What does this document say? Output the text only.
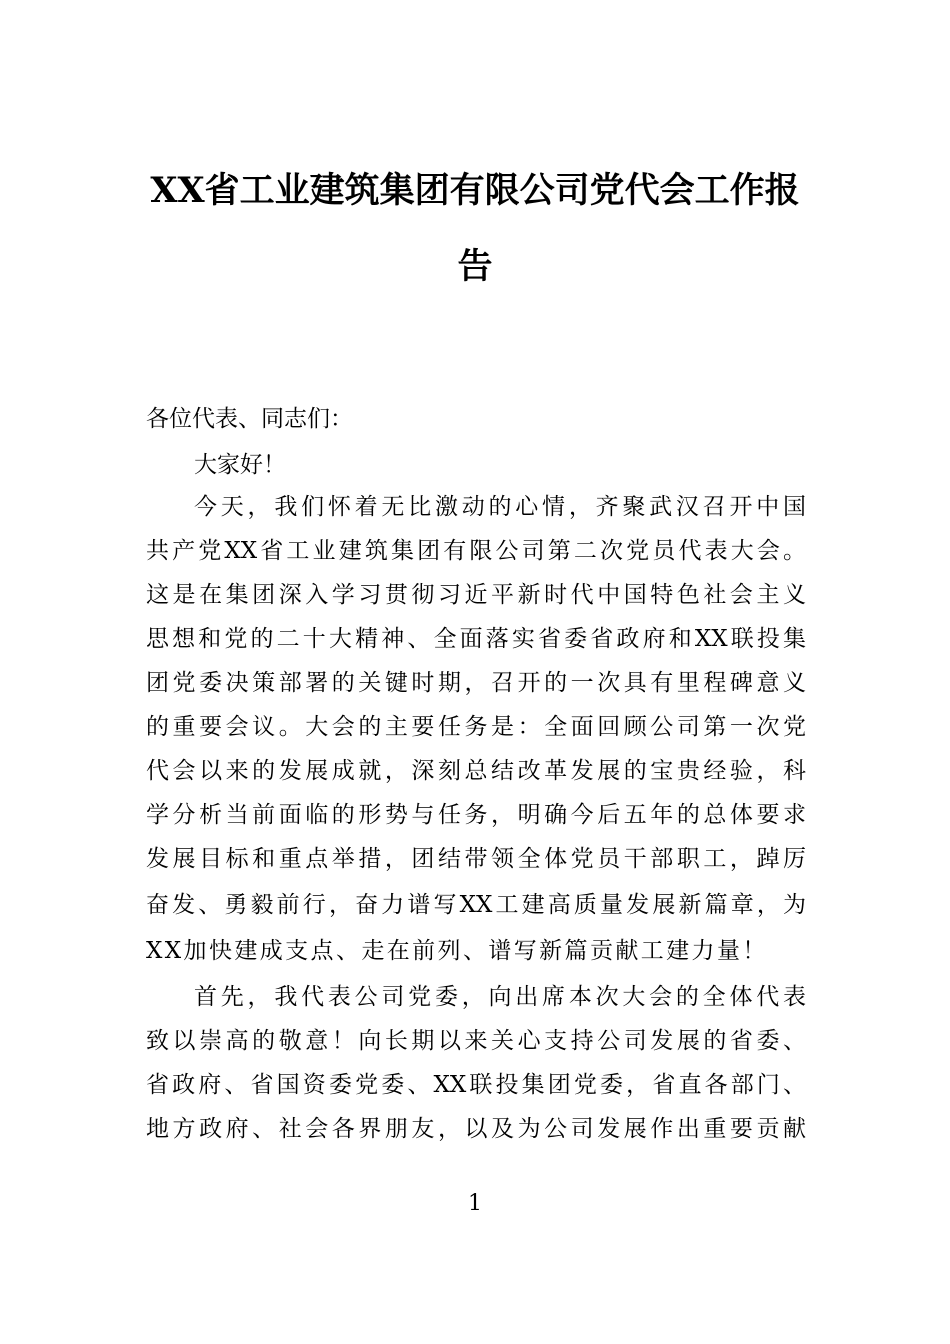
XX省工业建筑集团有限公司党代会工作报
告
各位代表、同志们：
大家好！
今天，我们怀着无比激动的心情，齐聚武汉召开中国
共产党XX省工业建筑集团有限公司第二次党员代表大会。
这是在集团深入学习贯彻习近平新时代中国特色社会主义
思想和党的二十大精神、全面落实省委省政府和XX联投集
团党委决策部署的关键时期，召开的一次具有里程碑意义
的重要会议。大会的主要任务是：全面回顾公司第一次党
代会以来的发展成就，深刻总结改革发展的宝贵经验，科
学分析当前面临的形势与任务，明确今后五年的总体要求
发展目标和重点举措，团结带领全体党员干部职工，踔厉
奋发、勇毅前行，奋力谱写XX工建高质量发展新篇章，为
XX加快建成支点、走在前列、谱写新篇贡献工建力量！
首先，我代表公司党委，向出席本次大会的全体代表
致以崇高的敬意！向长期以来关心支持公司发展的省委、
省政府、省国资委党委、XX联投集团党委，省直各部门、
地方政府、社会各界朋友，以及为公司发展作出重要贡献
1
